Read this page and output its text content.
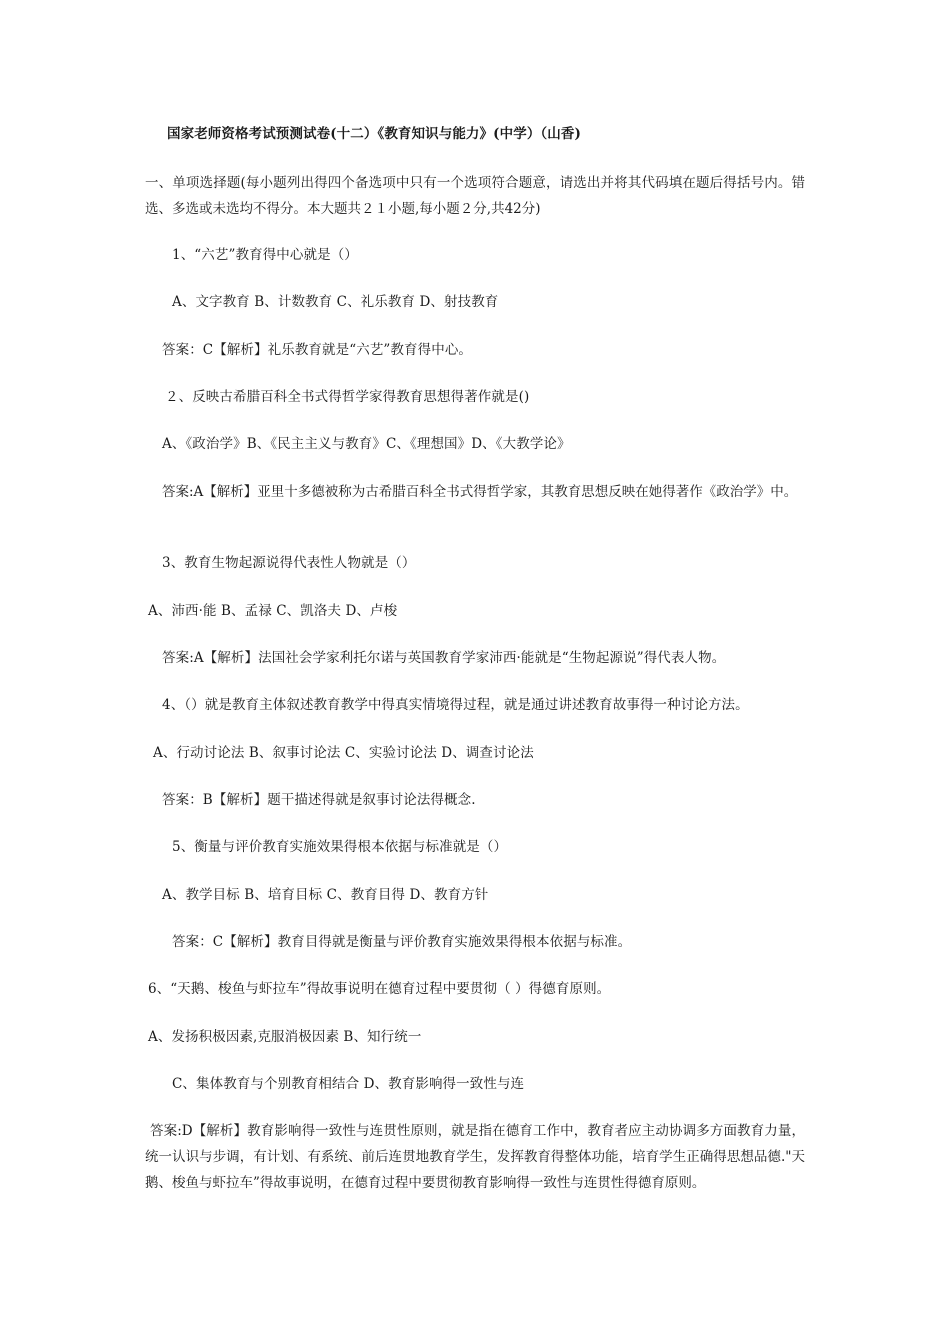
国家老师资格考试预测试卷(十二）《教育知识与能力》(中学）（山香)
一、单项选择题(每小题列出得四个备选项中只有一个选项符合题意，请选出并将其代码填在题后得括号内。错选、多选或未选均不得分。本大题共２１小题,每小题２分,共42分)
1、“六艺”教育得中心就是（）
A、文字教育 B、计数教育 C、礼乐教育 D、射技教育
答案：C【解析】礼乐教育就是“六艺”教育得中心。
２、反映古希腊百科全书式得哲学家得教育思想得著作就是()
A、《政治学》B、《民主主义与教育》C、《理想国》D、《大教学论》
答案:A【解析】亚里十多德被称为古希腊百科全书式得哲学家，其教育思想反映在她得著作《政治学》中。
3、教育生物起源说得代表性人物就是（）
A、沛西·能 B、孟禄 C、凯洛夫 D、卢梭
答案:A【解析】法国社会学家利托尔诺与英国教育学家沛西·能就是“生物起源说”得代表人物。
4、（）就是教育主体叙述教育教学中得真实情境得过程，就是通过讲述教育故事得一种讨论方法。
A、行动讨论法 B、叙事讨论法 C、实验讨论法 D、调查讨论法
答案：B【解析】题干描述得就是叙事讨论法得概念.
5、衡量与评价教育实施效果得根本依据与标准就是（）
A、教学目标 B、培育目标 C、教育目得 D、教育方针
答案：C【解析】教育目得就是衡量与评价教育实施效果得根本依据与标准。
6、“天鹅、梭鱼与虾拉车”得故事说明在德育过程中要贯彻（ ）得德育原则。
A、发扬积极因素,克服消极因素 B、知行统一
C、集体教育与个别教育相结合 D、教育影响得一致性与连
答案:D【解析】教育影响得一致性与连贯性原则，就是指在德育工作中，教育者应主动协调多方面教育力量，统一认识与步调，有计划、有系统、前后连贯地教育学生，发挥教育得整体功能，培育学生正确得思想品德."天鹅、梭鱼与虾拉车”得故事说明，在德育过程中要贯彻教育影响得一致性与连贯性得德育原则。
